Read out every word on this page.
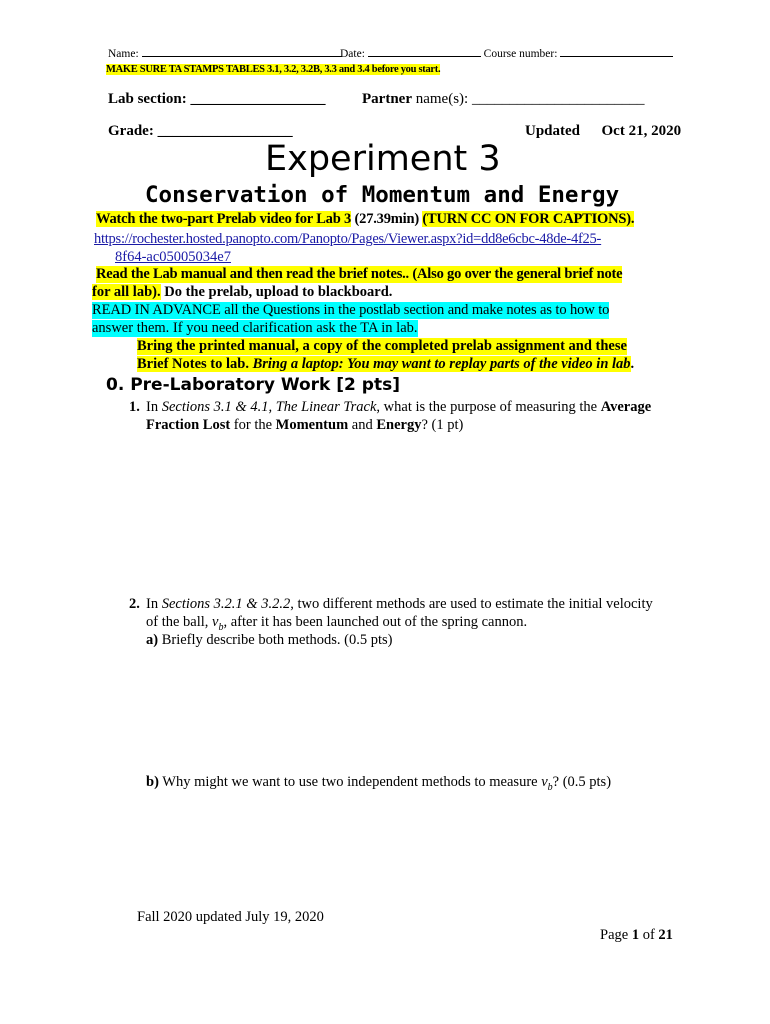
Name:	Date:	Course number:
MAKE SURE TA STAMPS TABLES 3.1, 3.2, 3.2B, 3.3 and 3.4 before you start.
Lab section: __________________ Partner name(s): _______________________
Grade: __________________	Updated Oct 21, 2020
Experiment 3
Conservation of Momentum and Energy
Watch the two-part Prelab video for Lab 3 (27.39min) (TURN CC ON FOR CAPTIONS).
https://rochester.hosted.panopto.com/Panopto/Pages/Viewer.aspx?id=dd8e6cbc-48de-4f25-
8f64-ac05005034e7
Read the Lab manual and then read the brief notes.. (Also go over the general brief note
for all lab). Do the prelab, upload to blackboard.
READ IN ADVANCE all the Questions in the postlab section and make notes as to how to
answer them. If you need clarification ask the TA in lab.
Bring the printed manual, a copy of the completed prelab assignment and these
Brief Notes to lab. Bring a laptop: You may want to replay parts of the video in lab.
0. Pre-Laboratory Work [2 pts]
1. In Sections 3.1 & 4.1, The Linear Track, what is the purpose of measuring the Average
Fraction Lost for the Momentum and Energy? (1 pt)
2. In Sections 3.2.1 & 3.2.2, two different methods are used to estimate the initial velocity
of the ball, $v_b$, after it has been launched out of the spring cannon.
a) Briefly describe both methods. (0.5 pts)
b) Why might we want to use two independent methods to measure $v_b$? (0.5 pts)
Fall 2020 updated July 19, 2020
Page 1 of 21
